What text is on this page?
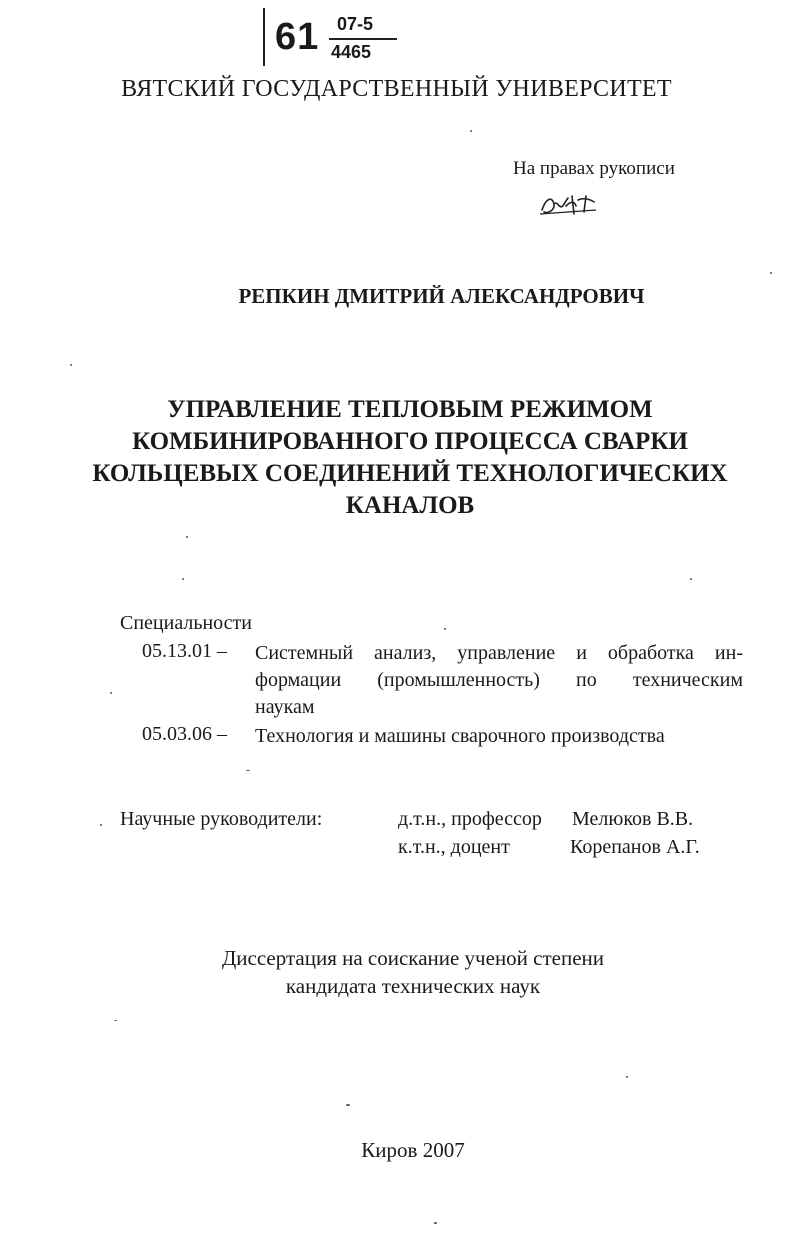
61 07-5
4465
ВЯТСКИЙ ГОСУДАРСТВЕННЫЙ УНИВЕРСИТЕТ
На правах рукописи
РЕПКИН ДМИТРИЙ АЛЕКСАНДРОВИЧ
УПРАВЛЕНИЕ ТЕПЛОВЫМ РЕЖИМОМ
КОМБИНИРОВАННОГО ПРОЦЕССА СВАРКИ
КОЛЬЦЕВЫХ СОЕДИНЕНИЙ ТЕХНОЛОГИЧЕСКИХ
КАНАЛОВ
Специальности
05.13.01 – Системный анализ, управление и обработка ин-
формации (промышленность) по техническим
наукам
05.03.06 – Технология и машины сварочного производства
Научные руководители:	д.т.н., профессор Мелюков В.В.
к.т.н., доцент	Корепанов А.Г.
Диссертация на соискание ученой степени
кандидата технических наук
Киров 2007
